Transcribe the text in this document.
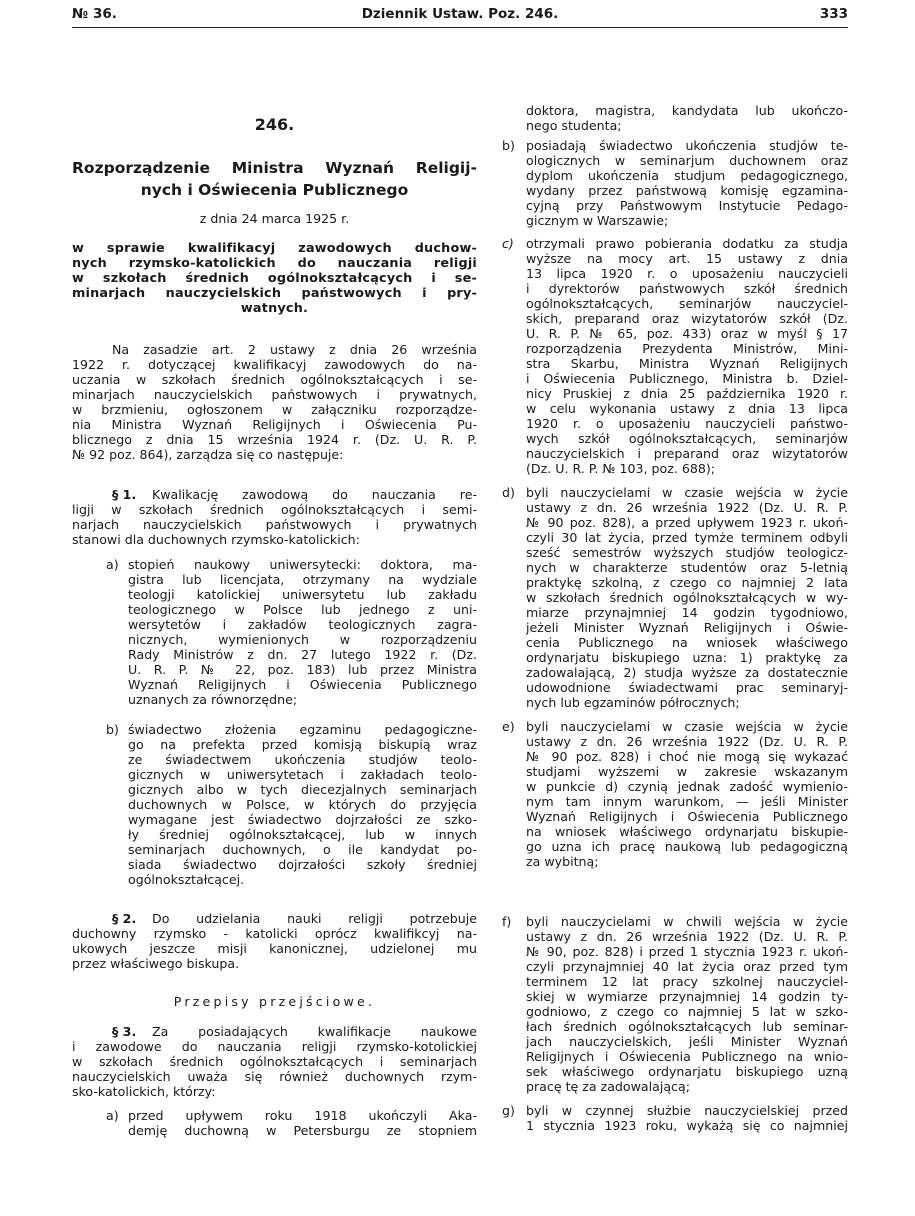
№ 36.	Dziennik Ustaw. Poz. 246.	333
246.
Rozporządzenie Ministra Wyznań Religij-
nych i Oświecenia Publicznego
z dnia 24 marca 1925 r.
w sprawie kwalifikacyj zawodowych duchow-
nych rzymsko-katolickich do nauczania religji
w szkołach średnich ogólnokształcących i se-
minarjach nauczycielskich państwowych i pry-
watnych.
Na zasadzie art. 2 ustawy z dnia 26 września
1922 r. dotyczącej kwalifikacyj zawodowych do na-
uczania w szkołach średnich ogólnokształcących i se-
minarjach nauczycielskich państwowych i prywatnych,
w brzmieniu, ogłoszonem w załączniku rozporządze-
nia Ministra Wyznań Religijnych i Oświecenia Pu-
blicznego z dnia 15 września 1924 r. (Dz. U. R. P.
№ 92 poz. 864), zarządza się co następuje:
§ 1. Kwalikację zawodową do nauczania re-
ligji w szkołach średnich ogólnokształcących i semi-
narjach nauczycielskich państwowych i prywatnych
stanowi dla duchownych rzymsko-katolickich:
a) stopień naukowy uniwersytecki: doktora, ma-
gistra lub licencjata, otrzymany na wydziale
teologji katolickiej uniwersytetu lub zakładu
teologicznego w Polsce lub jednego z uni-
wersytetów i zakładów teologicznych zagra-
nicznych, wymienionych w rozporządzeniu
Rady Ministrów z dn. 27 lutego 1922 r. (Dz.
U. R. P. № 22, poz. 183) lub przez Ministra
Wyznań Religijnych i Oświecenia Publicznego
uznanych za równorzędne;
b) świadectwo złożenia egzaminu pedagogiczne-
go na prefekta przed komisją biskupią wraz
ze świadectwem ukończenia studjów teolo-
gicznych w uniwersytetach i zakładach teolo-
gicznych albo w tych diecezjalnych seminarjach
duchownych w Polsce, w których do przyjęcia
wymagane jest świadectwo dojrzałości ze szko-
ły średniej ogólnokształcącej, lub w innych
seminarjach duchownych, o ile kandydat po-
siada świadectwo dojrzałości szkoły średniej
ogólnokształcącej.
§ 2. Do udzielania nauki religji potrzebuje
duchowny rzymsko - katolicki oprócz kwalifikcyj na-
ukowych jeszcze misji kanonicznej, udzielonej mu
przez właściwego biskupa.
Przepisy przejściowe.
§ 3. Za posiadających kwalifikacje naukowe
i zawodowe do nauczania religji rzymsko-kotolickiej
w szkołach średnich ogólnokształcących i seminarjach
nauczycielskich uważa się również duchownych rzym-
sko-katolickich, którzy:
a) przed upływem roku 1918 ukończyli Aka-
demję duchowną w Petersburgu ze stopniem
doktora, magistra, kandydata lub ukończo-
nego studenta;
b) posiadają świadectwo ukończenia studjów te-
ologicznych w seminarjum duchownem oraz
dyplom ukończenia studjum pedagogicznego,
wydany przez państwową komisję egzamina-
cyjną przy Państwowym Instytucie Pedago-
gicznym w Warszawie;
c) otrzymali prawo pobierania dodatku za studja
wyższe na mocy art. 15 ustawy z dnia
13 lipca 1920 r. o uposażeniu nauczycieli
i dyrektorów państwowych szkół średnich
ogólnokształcących, seminarjów nauczyciel-
skich, preparand oraz wizytatorów szkół (Dz.
U. R. P. № 65, poz. 433) oraz w myśl § 17
rozporządzenia Prezydenta Ministrów, Mini-
stra Skarbu, Ministra Wyznań Religijnych
i Oświecenia Publicznego, Ministra b. Dziel-
nicy Pruskiej z dnia 25 października 1920 r.
w celu wykonania ustawy z dnia 13 lipca
1920 r. o uposażeniu nauczycieli państwo-
wych szkół ogólnokształcących, seminarjów
nauczycielskich i preparand oraz wizytatorów
(Dz. U. R. P. № 103, poz. 688);
d) byli nauczycielami w czasie wejścia w życie
ustawy z dn. 26 września 1922 (Dz. U. R. P.
№ 90 poz. 828), a przed upływem 1923 r. ukoń-
czyli 30 lat życia, przed tymże terminem odbyli
sześć semestrów wyższych studjów teologicz-
nych w charakterze studentów oraz 5-letnią
praktykę szkolną, z czego co najmniej 2 lata
w szkołach średnich ogólnokształcących w wy-
miarze przynajmniej 14 godzin tygodniowo,
jeżeli Minister Wyznań Religijnych i Oświe-
cenia Publicznego na wniosek właściwego
ordynarjatu biskupiego uzna: 1) praktykę za
zadowalającą, 2) studja wyższe za dostatecznie
udowodnione świadectwami prac seminaryj-
nych lub egzaminów półrocznych;
e) byli nauczycielami w czasie wejścia w życie
ustawy z dn. 26 września 1922 (Dz. U. R. P.
№ 90 poz. 828) i choć nie mogą się wykazać
studjami wyższemi w zakresie wskazanym
w punkcie d) czynią jednak zadość wymienio-
nym tam innym warunkom, — jeśli Minister
Wyznań Religijnych i Oświecenia Publicznego
na wniosek właściwego ordynarjatu biskupie-
go uzna ich pracę naukową lub pedagogiczną
za wybitną;
f) byli nauczycielami w chwili wejścia w życie
ustawy z dn. 26 września 1922 (Dz. U. R. P.
№ 90, poz. 828) i przed 1 stycznia 1923 r. ukoń-
czyli przynajmniej 40 lat życia oraz przed tym
terminem 12 lat pracy szkolnej nauczyciel-
skiej w wymiarze przynajmniej 14 godzin ty-
godniowo, z czego co najmniej 5 lat w szko-
łach średnich ogólnokształcących lub seminar-
jach nauczycielskich, jeśli Minister Wyznań
Religijnych i Oświecenia Publicznego na wnio-
sek właściwego ordynarjatu biskupiego uzną
pracę tę za zadowalającą;
g) byli w czynnej służbie nauczycielskiej przed
1 stycznia 1923 roku, wykażą się co najmniej
